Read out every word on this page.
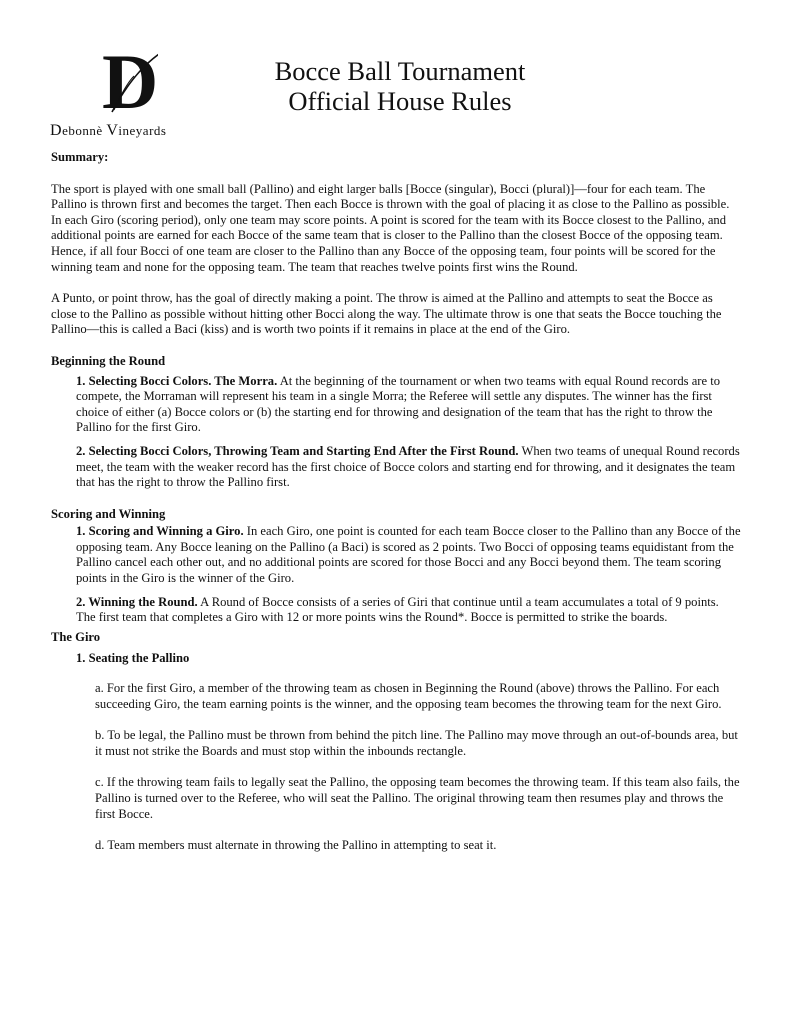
D
Debonnè Vineyards
Bocce Ball Tournament
Official House Rules

Summary:

The sport is played with one small ball (Pallino) and eight larger balls [Bocce (singular), Bocci (plural)]—four for each team. The Pallino is thrown first and becomes the target. Then each Bocce is thrown with the goal of placing it as close to the Pallino as possible. In each Giro (scoring period), only one team may score points. A point is scored for the team with its Bocce closest to the Pallino, and additional points are earned for each Bocce of the same team that is closer to the Pallino than the closest Bocce of the opposing team. Hence, if all four Bocci of one team are closer to the Pallino than any Bocce of the opposing team, four points will be scored for the winning team and none for the opposing team. The team that reaches twelve points first wins the Round.

A Punto, or point throw, has the goal of directly making a point. The throw is aimed at the Pallino and attempts to seat the Bocce as close to the Pallino as possible without hitting other Bocci along the way. The ultimate throw is one that seats the Bocce touching the Pallino—this is called a Baci (kiss) and is worth two points if it remains in place at the end of the Giro.

Beginning the Round

1. Selecting Bocci Colors. The Morra. At the beginning of the tournament or when two teams with equal Round records are to compete, the Morraman will represent his team in a single Morra; the Referee will settle any disputes. The winner has the first choice of either (a) Bocce colors or (b) the starting end for throwing and designation of the team that has the right to throw the Pallino for the first Giro.

2. Selecting Bocci Colors, Throwing Team and Starting End After the First Round. When two teams of unequal Round records meet, the team with the weaker record has the first choice of Bocce colors and starting end for throwing, and it designates the team that has the right to throw the Pallino first.

Scoring and Winning

1. Scoring and Winning a Giro. In each Giro, one point is counted for each team Bocce closer to the Pallino than any Bocce of the opposing team. Any Bocce leaning on the Pallino (a Baci) is scored as 2 points. Two Bocci of opposing teams equidistant from the Pallino cancel each other out, and no additional points are scored for those Bocci and any Bocci beyond them. The team scoring points in the Giro is the winner of the Giro.

2. Winning the Round. A Round of Bocce consists of a series of Giri that continue until a team accumulates a total of 9 points. The first team that completes a Giro with 12 or more points wins the Round*. Bocce is permitted to strike the boards.

The Giro

1. Seating the Pallino

a. For the first Giro, a member of the throwing team as chosen in Beginning the Round (above) throws the Pallino. For each succeeding Giro, the team earning points is the winner, and the opposing team becomes the throwing team for the next Giro.

b. To be legal, the Pallino must be thrown from behind the pitch line. The Pallino may move through an out-of-bounds area, but it must not strike the Boards and must stop within the inbounds rectangle.

c. If the throwing team fails to legally seat the Pallino, the opposing team becomes the throwing team. If this team also fails, the Pallino is turned over to the Referee, who will seat the Pallino. The original throwing team then resumes play and throws the first Bocce.

d. Team members must alternate in throwing the Pallino in attempting to seat it.
